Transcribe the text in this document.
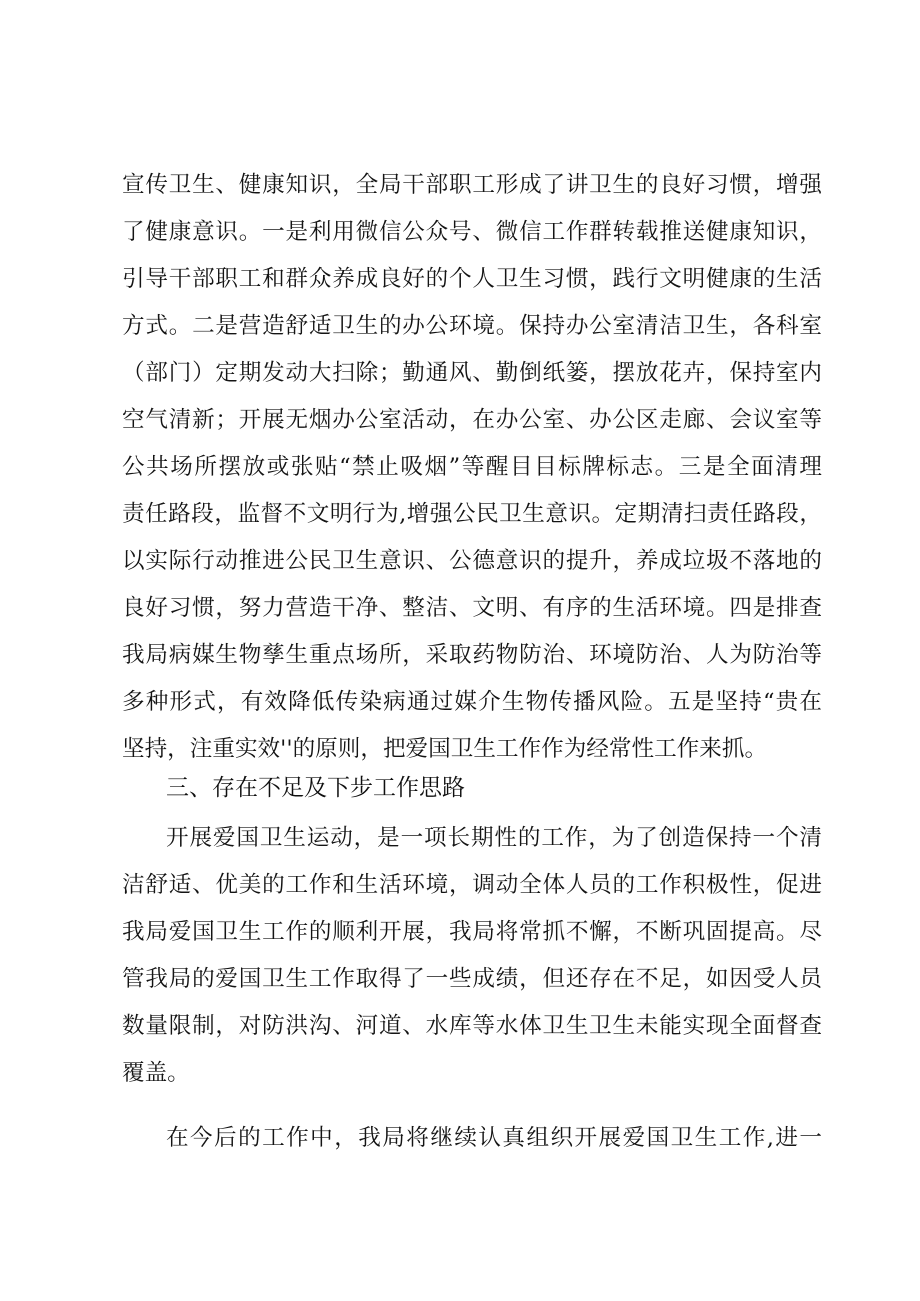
宣传卫生、健康知识，全局干部职工形成了讲卫生的良好习惯，增强
了健康意识。一是利用微信公众号、微信工作群转载推送健康知识，
引导干部职工和群众养成良好的个人卫生习惯，践行文明健康的生活
方式。二是营造舒适卫生的办公环境。保持办公室清洁卫生，各科室
（部门）定期发动大扫除；勤通风、勤倒纸篓，摆放花卉，保持室内
空气清新；开展无烟办公室活动，在办公室、办公区走廊、会议室等
公共场所摆放或张贴“禁止吸烟”等醒目目标牌标志。三是全面清理
责任路段，监督不文明行为,增强公民卫生意识。定期清扫责任路段，
以实际行动推进公民卫生意识、公德意识的提升，养成垃圾不落地的
良好习惯，努力营造干净、整洁、文明、有序的生活环境。四是排查
我局病媒生物孳生重点场所，采取药物防治、环境防治、人为防治等
多种形式，有效降低传染病通过媒介生物传播风险。五是坚持“贵在
坚持，注重实效''的原则，把爱国卫生工作作为经常性工作来抓。
三、存在不足及下步工作思路
开展爱国卫生运动，是一项长期性的工作，为了创造保持一个清
洁舒适、优美的工作和生活环境，调动全体人员的工作积极性，促进
我局爱国卫生工作的顺利开展，我局将常抓不懈，不断巩固提高。尽
管我局的爱国卫生工作取得了一些成绩，但还存在不足，如因受人员
数量限制，对防洪沟、河道、水库等水体卫生卫生未能实现全面督查
覆盖。
在今后的工作中，我局将继续认真组织开展爱国卫生工作,进一
